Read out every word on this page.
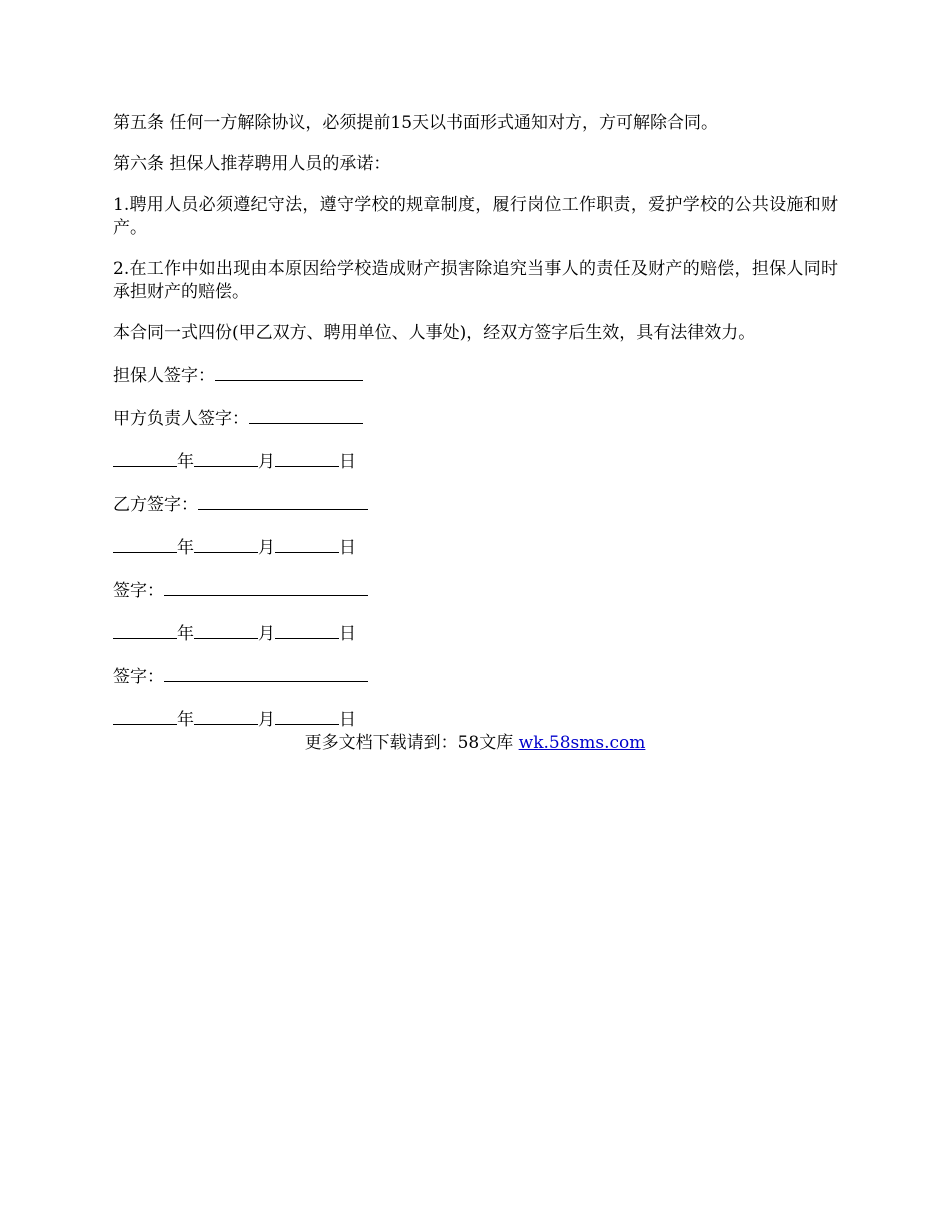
第五条 任何一方解除协议，必须提前15天以书面形式通知对方，方可解除合同。

第六条 担保人推荐聘用人员的承诺：

1.聘用人员必须遵纪守法，遵守学校的规章制度，履行岗位工作职责，爱护学校的公共设施和财产。

2.在工作中如出现由本原因给学校造成财产损害除追究当事人的责任及财产的赔偿，担保人同时承担财产的赔偿。

本合同一式四份(甲乙双方、聘用单位、人事处)，经双方签字后生效，具有法律效力。

担保人签字：
甲方负责人签字：
年	月	日
乙方签字：
年	月	日
签字：
年	月	日
签字：
年	月	日
更多文档下载请到：58文库 wk.58sms.com
